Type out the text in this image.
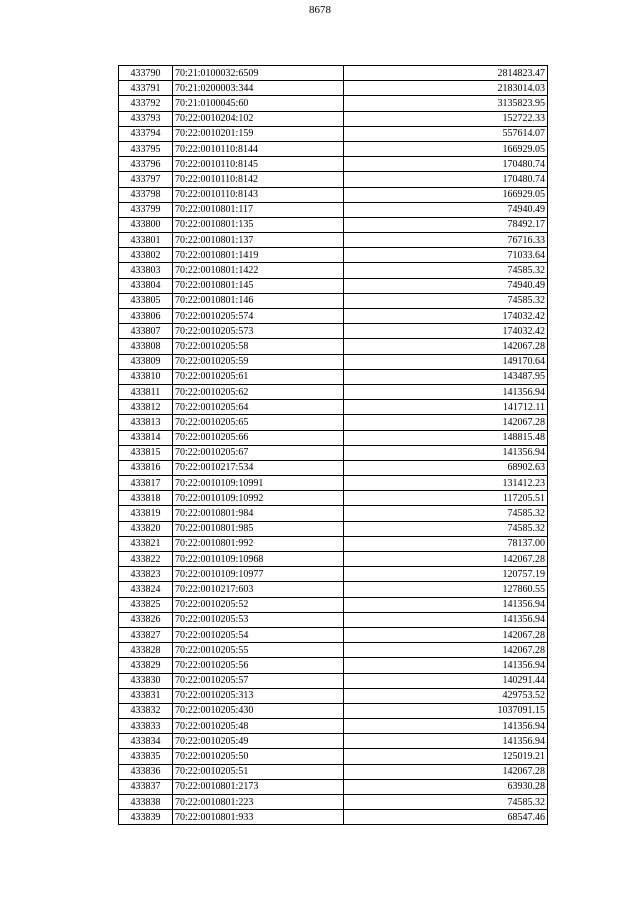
8678
433790	70:21:0100032:6509	2814823.47
433791	70:21:0200003:344	2183014.03
433792	70:21:0100045:60	3135823.95
433793	70:22:0010204:102	152722.33
433794	70:22:0010201:159	557614.07
433795	70:22:0010110:8144	166929.05
433796	70:22:0010110:8145	170480.74
433797	70:22:0010110:8142	170480.74
433798	70:22:0010110:8143	166929.05
433799	70:22:0010801:117	74940.49
433800	70:22:0010801:135	78492.17
433801	70:22:0010801:137	76716.33
433802	70:22:0010801:1419	71033.64
433803	70:22:0010801:1422	74585.32
433804	70:22:0010801:145	74940.49
433805	70:22:0010801:146	74585.32
433806	70:22:0010205:574	174032.42
433807	70:22:0010205:573	174032.42
433808	70:22:0010205:58	142067.28
433809	70:22:0010205:59	149170.64
433810	70:22:0010205:61	143487.95
433811	70:22:0010205:62	141356.94
433812	70:22:0010205:64	141712.11
433813	70:22:0010205:65	142067.28
433814	70:22:0010205:66	148815.48
433815	70:22:0010205:67	141356.94
433816	70:22:0010217:534	68902.63
433817	70:22:0010109:10991	131412.23
433818	70:22:0010109:10992	117205.51
433819	70:22:0010801:984	74585.32
433820	70:22:0010801:985	74585.32
433821	70:22:0010801:992	78137.00
433822	70:22:0010109:10968	142067.28
433823	70:22:0010109:10977	120757.19
433824	70:22:0010217:603	127860.55
433825	70:22:0010205:52	141356.94
433826	70:22:0010205:53	141356.94
433827	70:22:0010205:54	142067.28
433828	70:22:0010205:55	142067.28
433829	70:22:0010205:56	141356.94
433830	70:22:0010205:57	140291.44
433831	70:22:0010205:313	429753.52
433832	70:22:0010205:430	1037091.15
433833	70:22:0010205:48	141356.94
433834	70:22:0010205:49	141356.94
433835	70:22:0010205:50	125019.21
433836	70:22:0010205:51	142067.28
433837	70:22:0010801:2173	63930.28
433838	70:22:0010801:223	74585.32
433839	70:22:0010801:933	68547.46
